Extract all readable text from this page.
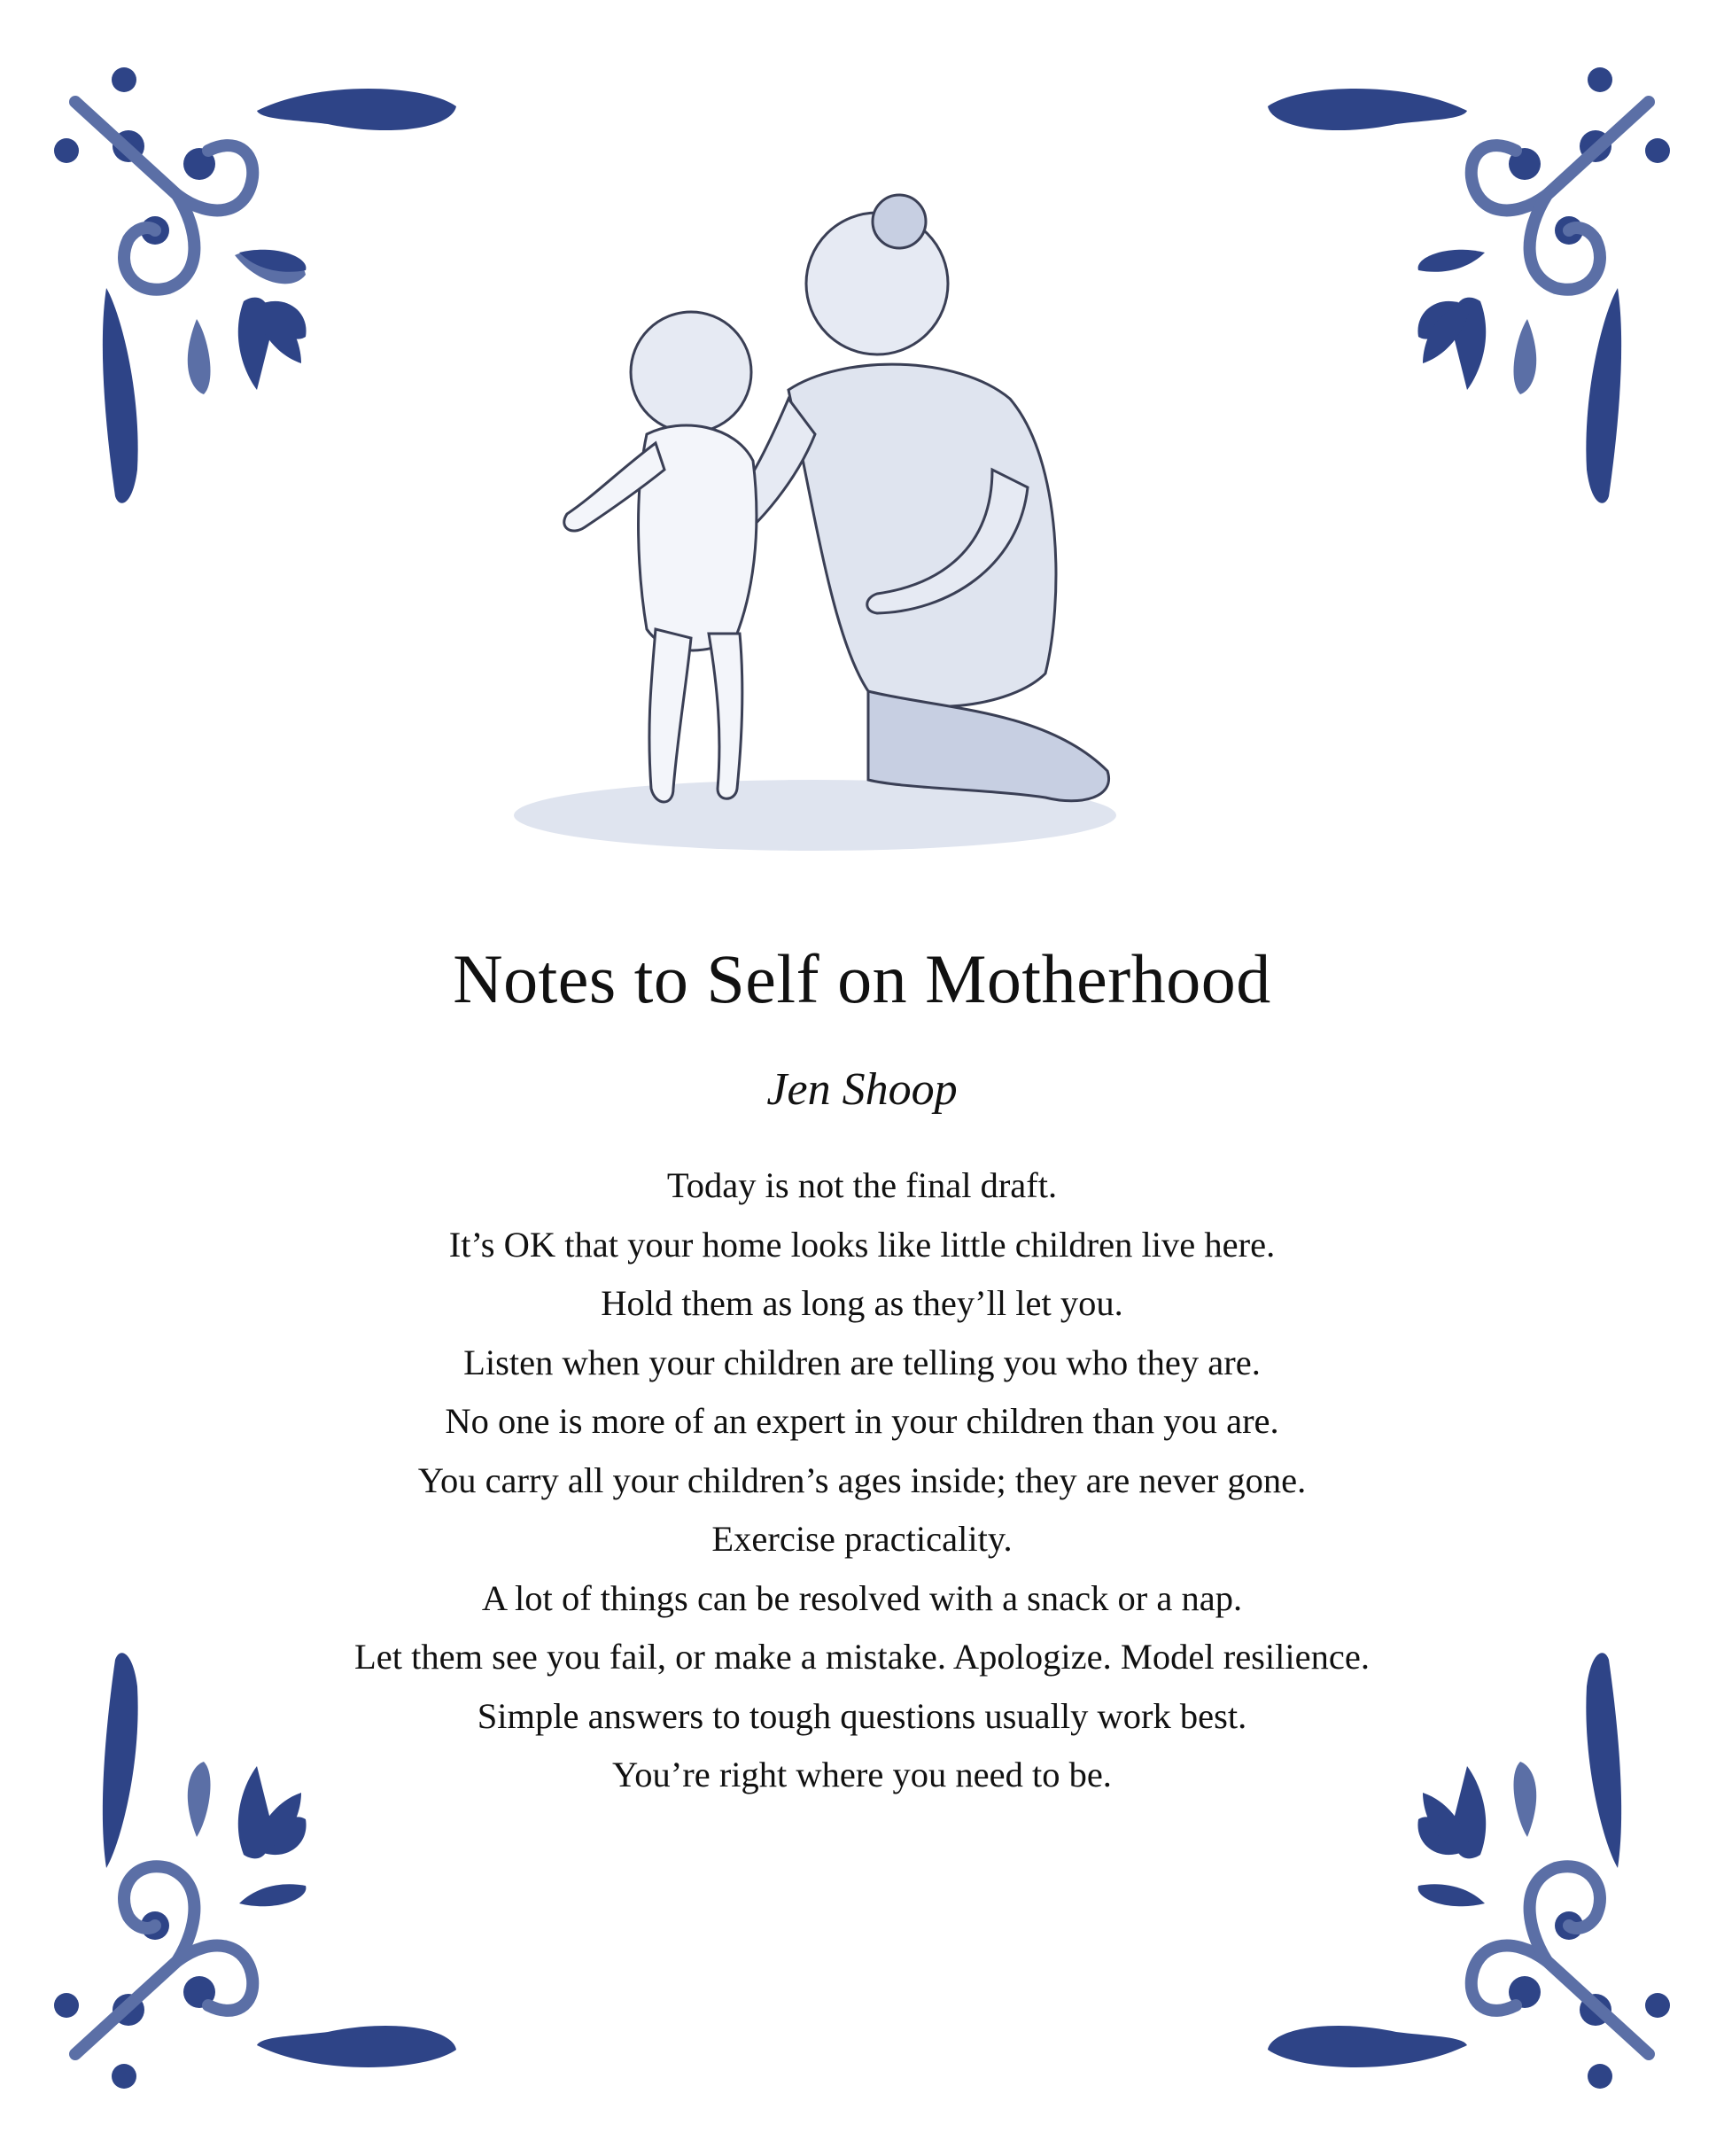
Notes to Self on Motherhood
Jen Shoop
Today is not the final draft.
It’s OK that your home looks like little children live here.
Hold them as long as they’ll let you.
Listen when your children are telling you who they are.
No one is more of an expert in your children than you are.
You carry all your children’s ages inside; they are never gone.
Exercise practicality.
A lot of things can be resolved with a snack or a nap.
Let them see you fail, or make a mistake. Apologize. Model resilience.
Simple answers to tough questions usually work best.
You’re right where you need to be.
